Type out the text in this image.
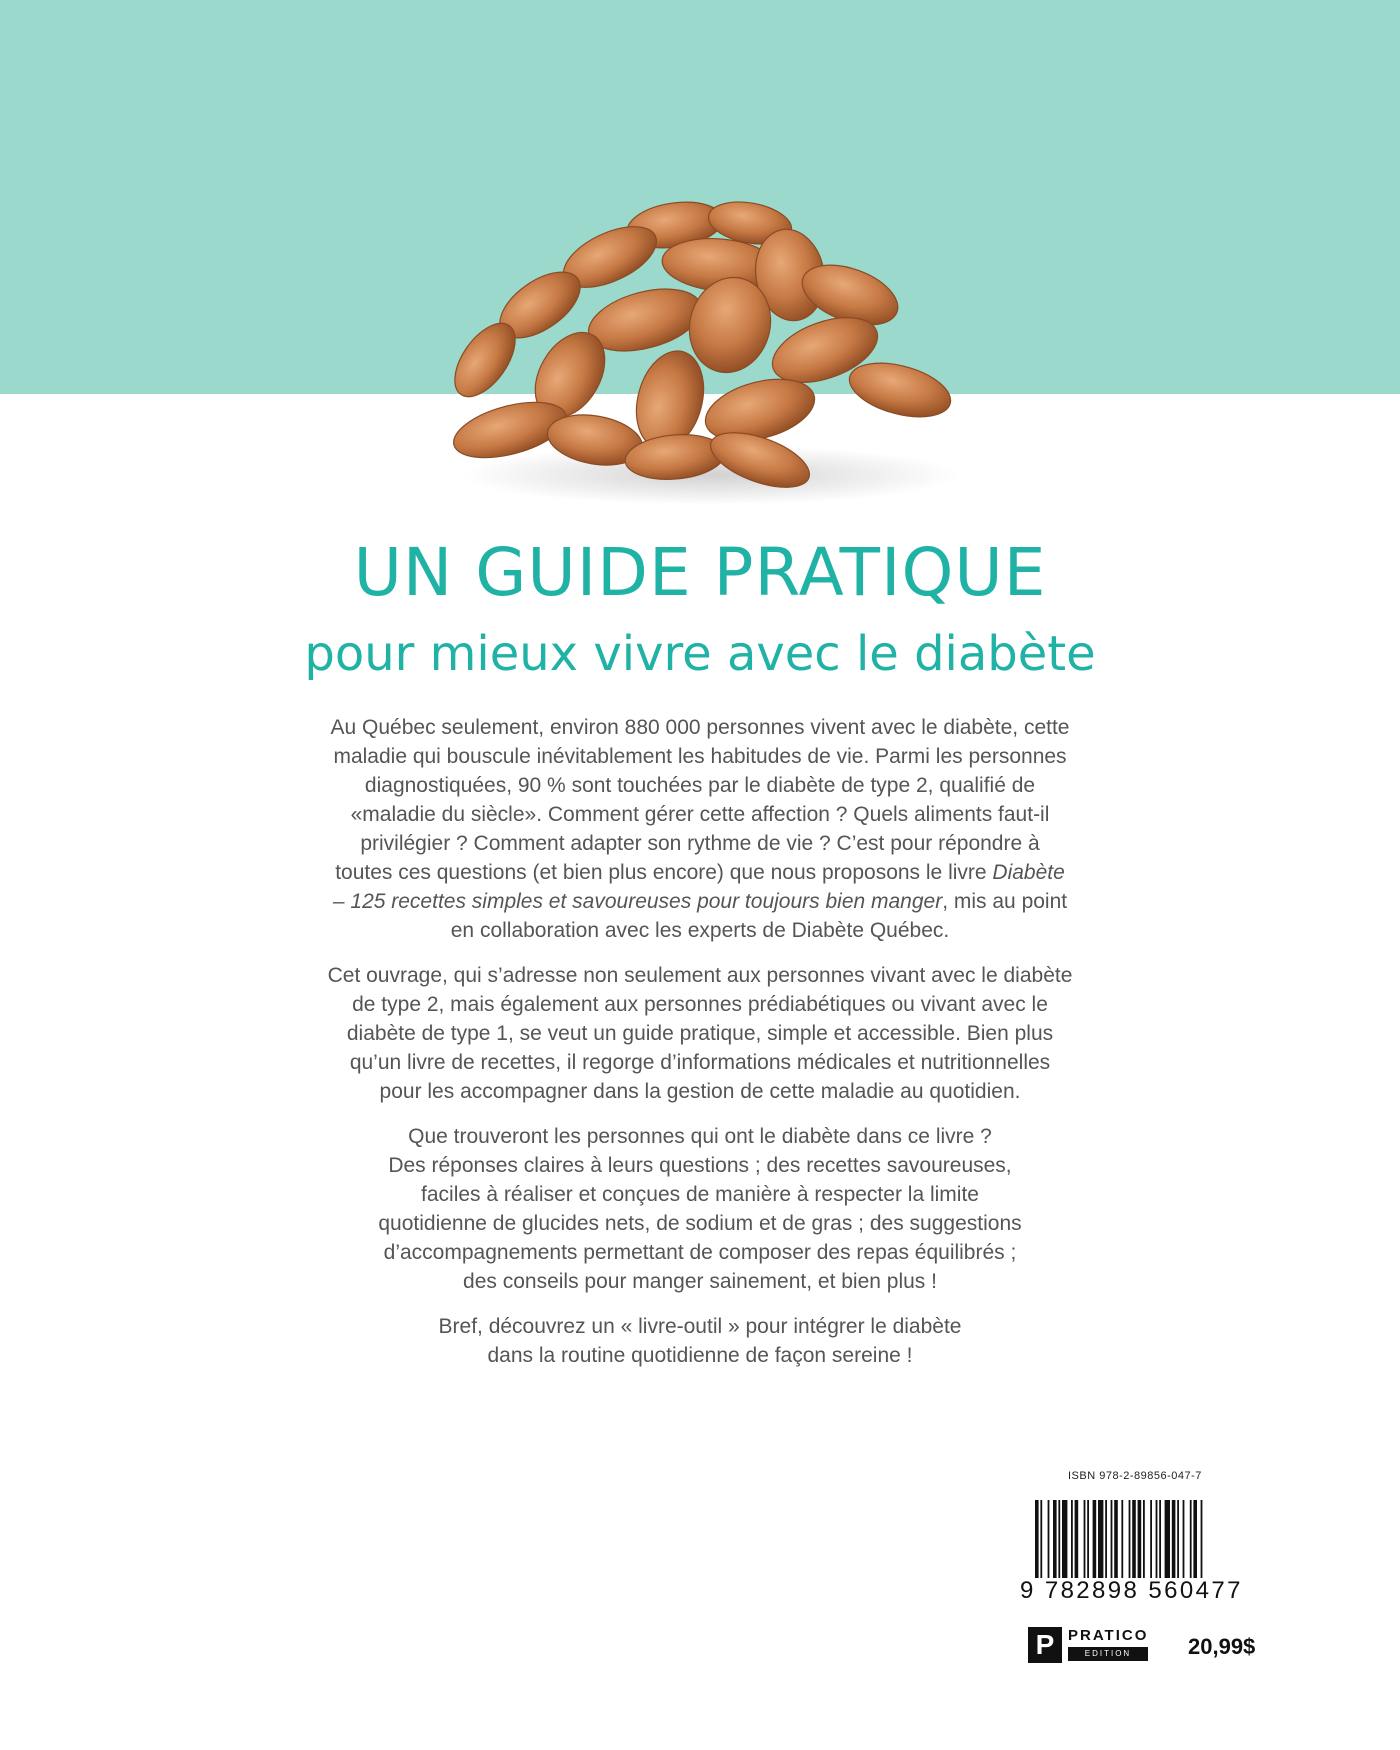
UN GUIDE PRATIQUE
pour mieux vivre avec le diabète

Au Québec seulement, environ 880 000 personnes vivent avec le diabète, cette
maladie qui bouscule inévitablement les habitudes de vie. Parmi les personnes
diagnostiquées, 90 % sont touchées par le diabète de type 2, qualifié de
«maladie du siècle». Comment gérer cette affection ? Quels aliments faut-il
privilégier ? Comment adapter son rythme de vie ? C’est pour répondre à
toutes ces questions (et bien plus encore) que nous proposons le livre Diabète
– 125 recettes simples et savoureuses pour toujours bien manger, mis au point
en collaboration avec les experts de Diabète Québec.

Cet ouvrage, qui s’adresse non seulement aux personnes vivant avec le diabète
de type 2, mais également aux personnes prédiabétiques ou vivant avec le
diabète de type 1, se veut un guide pratique, simple et accessible. Bien plus
qu’un livre de recettes, il regorge d’informations médicales et nutritionnelles
pour les accompagner dans la gestion de cette maladie au quotidien.

Que trouveront les personnes qui ont le diabète dans ce livre ?
Des réponses claires à leurs questions ; des recettes savoureuses,
faciles à réaliser et conçues de manière à respecter la limite
quotidienne de glucides nets, de sodium et de gras ; des suggestions
d’accompagnements permettant de composer des repas équilibrés ;
des conseils pour manger sainement, et bien plus !

Bref, découvrez un « livre-outil » pour intégrer le diabète
dans la routine quotidienne de façon sereine !

ISBN 978-2-89856-047-7
9 782898 560477
P PRATICO
EDITION	20,99$
